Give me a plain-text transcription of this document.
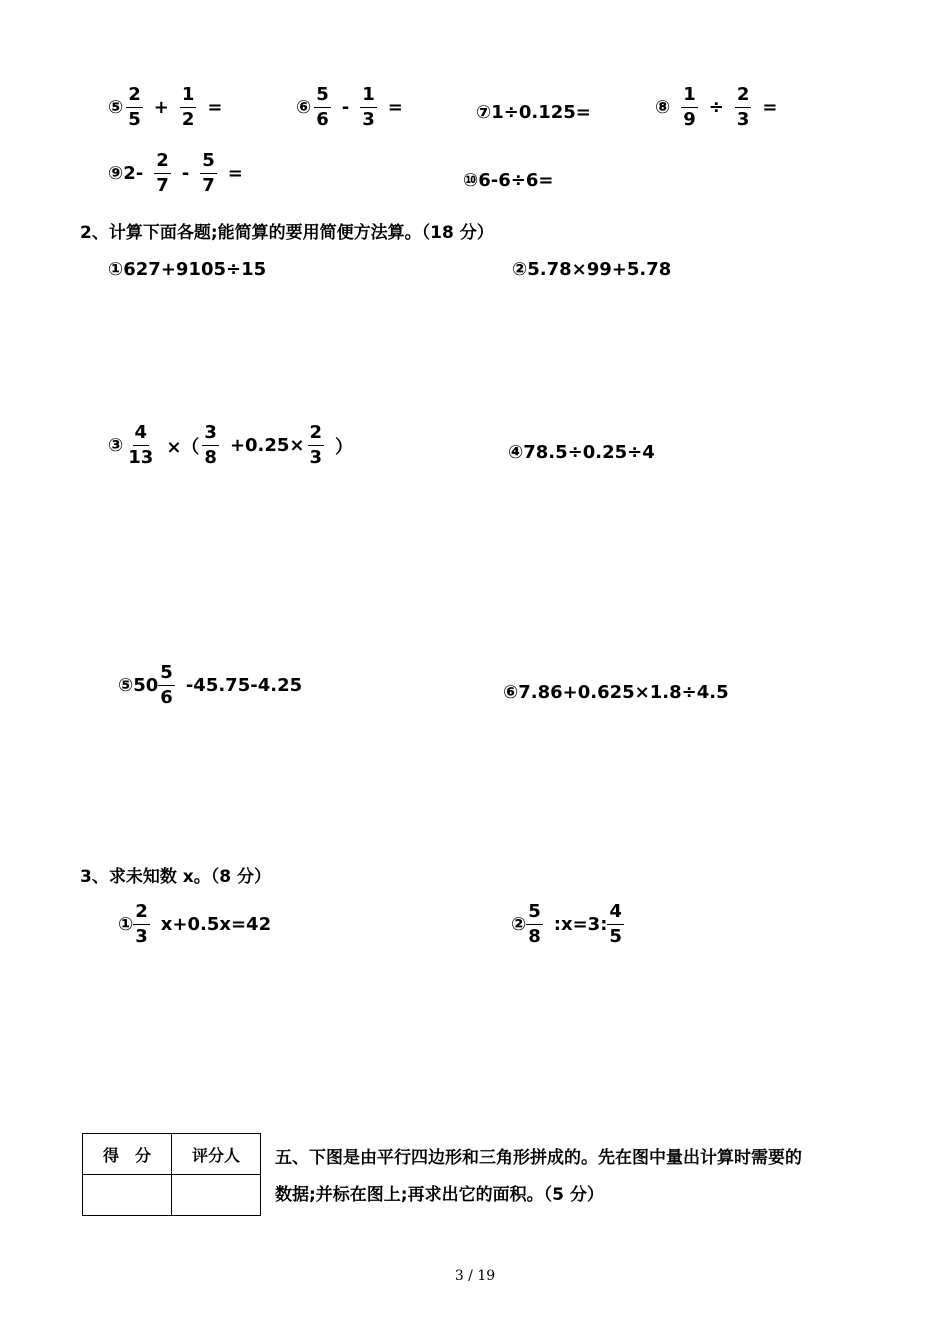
⑤ $\frac{2}{5} + \frac{1}{2}$ =	⑥ $\frac{5}{6} - \frac{1}{3}$ =	⑦1÷0.125=	⑧ $\frac{1}{9} \div \frac{2}{3}$ =
⑨2- $\frac{2}{7} - \frac{5}{7}$ =	⑩6-6÷6=
2、计算下面各题;能简算的要用简便方法算。（18 分）
①627+9105÷15	②5.78×99+5.78
③ $\frac{4}{13}$ ×（ $\frac{3}{8} +0.25\times \frac{2}{3}$ ）	④78.5÷0.25÷4
⑤50 $\frac{5}{6} -45.75-4.25$	⑥7.86+0.625×1.8÷4.5
3、求未知数 x。（8 分）
① $\frac{2}{3} x+0.5x=42$	② $\frac{5}{8}$ :x=3: $\frac{4}{5}$
得　分	评分人
	五、下图是由平行四边形和三角形拼成的。先在图中量出计算时需要的
数据;并标在图上;再求出它的面积。（5 分）
3 / 19
